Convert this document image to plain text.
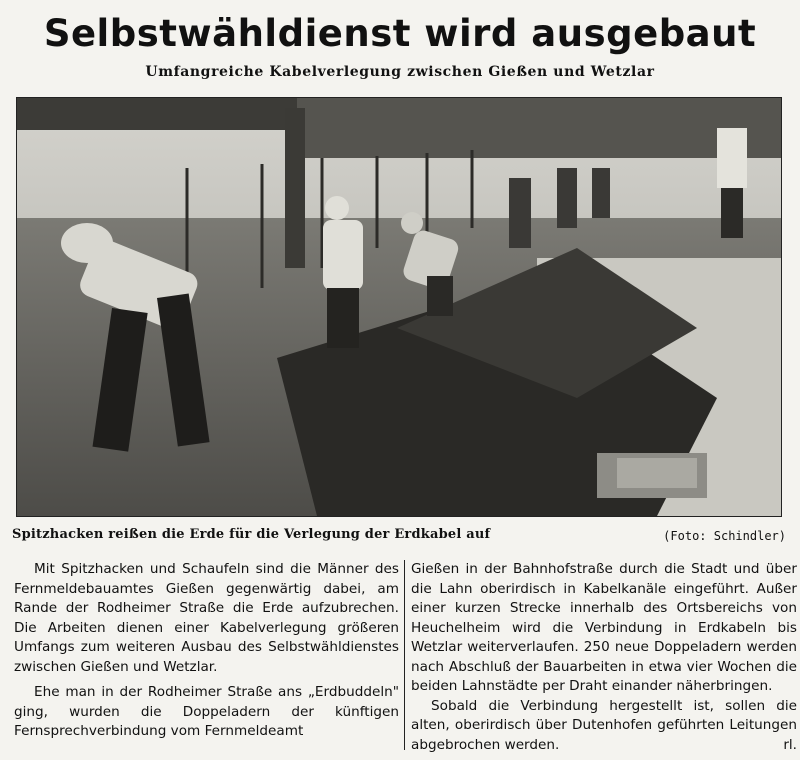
Selbstwähldienst wird ausgebaut
Umfangreiche Kabelverlegung zwischen Gießen und Wetzlar
Spitzhacken reißen die Erde für die Verlegung der Erdkabel auf	(Foto: Schindler)

Mit Spitzhacken und Schaufeln sind die Männer des Fernmeldebauamtes Gießen gegenwärtig dabei, am Rande der Rodheimer Straße die Erde aufzubrechen. Die Arbeiten dienen einer Kabelverlegung größeren Umfangs zum weiteren Ausbau des Selbstwähldienstes zwischen Gießen und Wetzlar.

Ehe man in der Rodheimer Straße ans „Erdbuddeln" ging, wurden die Doppeladern der künftigen Fernsprechverbindung vom Fernmeldeamt

Gießen in der Bahnhofstraße durch die Stadt und über die Lahn oberirdisch in Kabelkanäle eingeführt. Außer einer kurzen Strecke innerhalb des Ortsbereichs von Heuchelheim wird die Verbindung in Erdkabeln bis Wetzlar weiterverlaufen. 250 neue Doppeladern werden nach Abschluß der Bauarbeiten in etwa vier Wochen die beiden Lahnstädte per Draht einander näherbringen.

Sobald die Verbindung hergestellt ist, sollen die alten, oberirdisch über Dutenhofen geführten Leitungen abgebrochen werden.	rl.
